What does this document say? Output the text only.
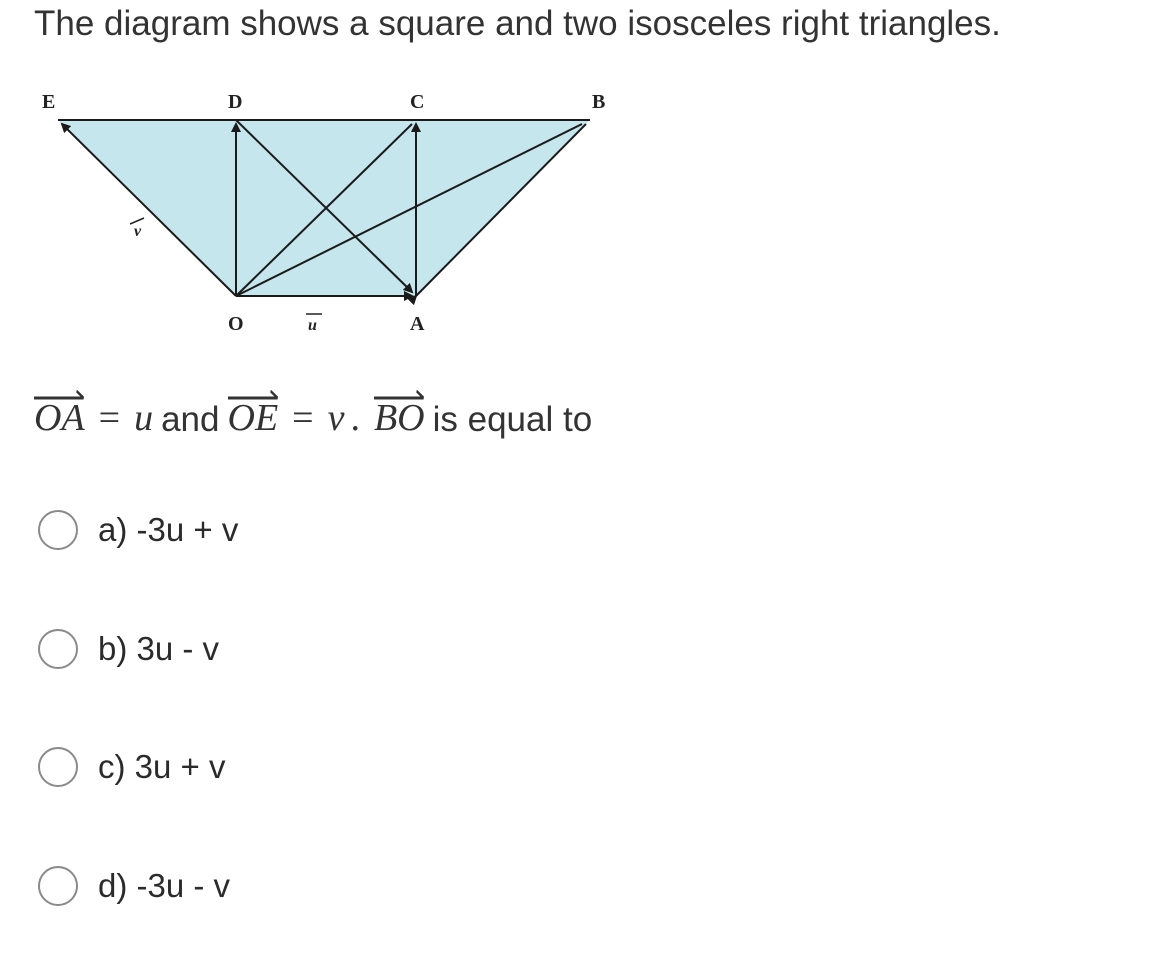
The diagram shows a square and two isosceles right triangles.
E	D	C	B
O	A
v
u
OA = u and OE = v . BO is equal to
a) -3u + v
b) 3u - v
c) 3u + v
d) -3u - v
